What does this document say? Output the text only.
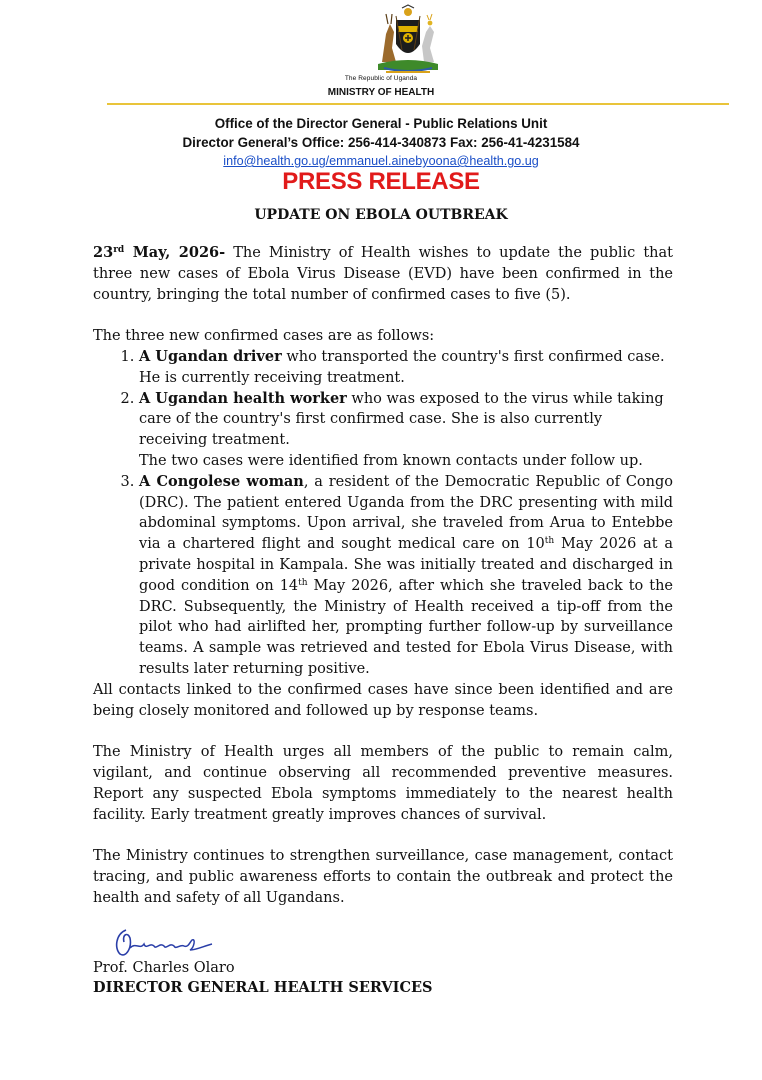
The Republic of Uganda
MINISTRY OF HEALTH
Office of the Director General - Public Relations Unit
Director General’s Office: 256-414-340873 Fax: 256-41-4231584
info@health.go.ug/emmanuel.ainebyoona@health.go.ug
PRESS RELEASE
UPDATE ON EBOLA OUTBREAK

23rd May, 2026- The Ministry of Health wishes to update the public that three new cases of Ebola Virus Disease (EVD) have been confirmed in the country, bringing the total number of confirmed cases to five (5).

The three new confirmed cases are as follows:

1. A Ugandan driver who transported the country's first confirmed case. He is currently receiving treatment.
2. A Ugandan health worker who was exposed to the virus while taking care of the country's first confirmed case. She is also currently receiving treatment.

The two cases were identified from known contacts under follow up.

3. A Congolese woman, a resident of the Democratic Republic of Congo (DRC). The patient entered Uganda from the DRC presenting with mild abdominal symptoms. Upon arrival, she traveled from Arua to Entebbe via a chartered flight and sought medical care on 10th May 2026 at a private hospital in Kampala. She was initially treated and discharged in good condition on 14th May 2026, after which she traveled back to the DRC. Subsequently, the Ministry of Health received a tip-off from the pilot who had airlifted her, prompting further follow-up by surveillance teams. A sample was retrieved and tested for Ebola Virus Disease, with results later returning positive.

All contacts linked to the confirmed cases have since been identified and are being closely monitored and followed up by response teams.

The Ministry of Health urges all members of the public to remain calm, vigilant, and continue observing all recommended preventive measures. Report any suspected Ebola symptoms immediately to the nearest health facility. Early treatment greatly improves chances of survival.

The Ministry continues to strengthen surveillance, case management, contact tracing, and public awareness efforts to contain the outbreak and protect the health and safety of all Ugandans.

Prof. Charles Olaro
DIRECTOR GENERAL HEALTH SERVICES
